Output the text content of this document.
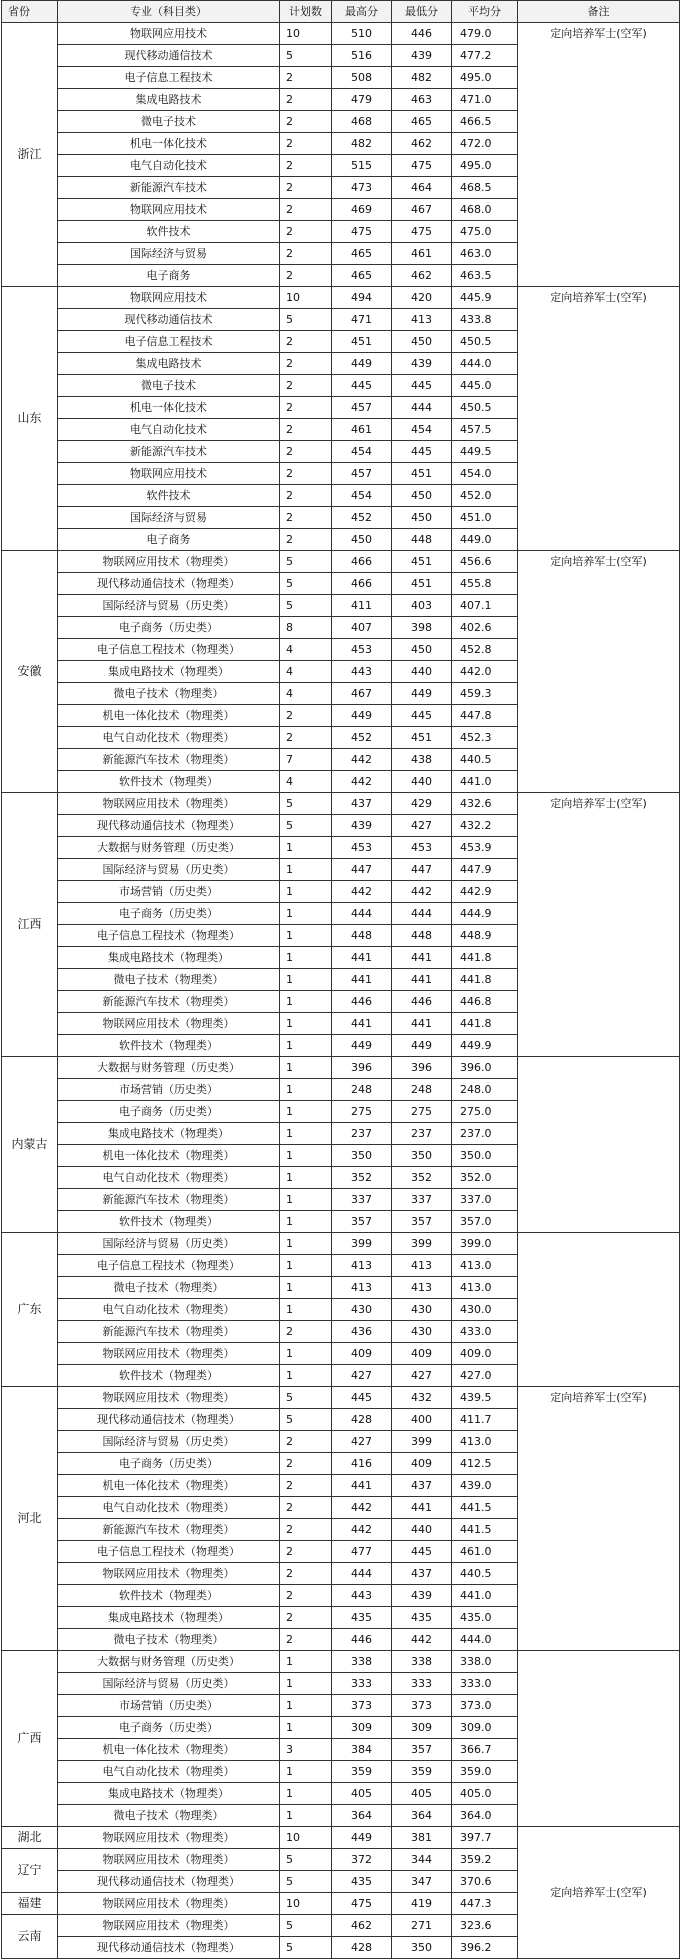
省份	专业（科目类）	计划数	最高分	最低分	平均分	备注
浙江	物联网应用技术	10	510	446	479.0	定向培养军士(空军)
	现代移动通信技术	5	516	439	477.2	
	电子信息工程技术	2	508	482	495.0	
	集成电路技术	2	479	463	471.0	
	微电子技术	2	468	465	466.5	
	机电一体化技术	2	482	462	472.0	
	电气自动化技术	2	515	475	495.0	
	新能源汽车技术	2	473	464	468.5	
	物联网应用技术	2	469	467	468.0	
	软件技术	2	475	475	475.0	
	国际经济与贸易	2	465	461	463.0	
	电子商务	2	465	462	463.5	
山东	物联网应用技术	10	494	420	445.9	定向培养军士(空军)
	现代移动通信技术	5	471	413	433.8	
	电子信息工程技术	2	451	450	450.5	
	集成电路技术	2	449	439	444.0	
	微电子技术	2	445	445	445.0	
	机电一体化技术	2	457	444	450.5	
	电气自动化技术	2	461	454	457.5	
	新能源汽车技术	2	454	445	449.5	
	物联网应用技术	2	457	451	454.0	
	软件技术	2	454	450	452.0	
	国际经济与贸易	2	452	450	451.0	
	电子商务	2	450	448	449.0	
安徽	物联网应用技术（物理类）	5	466	451	456.6	定向培养军士(空军)
	现代移动通信技术（物理类）	5	466	451	455.8	
	国际经济与贸易（历史类）	5	411	403	407.1	
	电子商务（历史类）	8	407	398	402.6	
	电子信息工程技术（物理类）	4	453	450	452.8	
	集成电路技术（物理类）	4	443	440	442.0	
	微电子技术（物理类）	4	467	449	459.3	
	机电一体化技术（物理类）	2	449	445	447.8	
	电气自动化技术（物理类）	2	452	451	452.3	
	新能源汽车技术（物理类）	7	442	438	440.5	
	软件技术（物理类）	4	442	440	441.0	
江西	物联网应用技术（物理类）	5	437	429	432.6	定向培养军士(空军)
	现代移动通信技术（物理类）	5	439	427	432.2	
	大数据与财务管理（历史类）	1	453	453	453.9	
	国际经济与贸易（历史类）	1	447	447	447.9	
	市场营销（历史类）	1	442	442	442.9	
	电子商务（历史类）	1	444	444	444.9	
	电子信息工程技术（物理类）	1	448	448	448.9	
	集成电路技术（物理类）	1	441	441	441.8	
	微电子技术（物理类）	1	441	441	441.8	
	新能源汽车技术（物理类）	1	446	446	446.8	
	物联网应用技术（物理类）	1	441	441	441.8	
	软件技术（物理类）	1	449	449	449.9	
内蒙古	大数据与财务管理（历史类）	1	396	396	396.0	
	市场营销（历史类）	1	248	248	248.0	
	电子商务（历史类）	1	275	275	275.0	
	集成电路技术（物理类）	1	237	237	237.0	
	机电一体化技术（物理类）	1	350	350	350.0	
	电气自动化技术（物理类）	1	352	352	352.0	
	新能源汽车技术（物理类）	1	337	337	337.0	
	软件技术（物理类）	1	357	357	357.0	
广东	国际经济与贸易（历史类）	1	399	399	399.0	
	电子信息工程技术（物理类）	1	413	413	413.0	
	微电子技术（物理类）	1	413	413	413.0	
	电气自动化技术（物理类）	1	430	430	430.0	
	新能源汽车技术（物理类）	2	436	430	433.0	
	物联网应用技术（物理类）	1	409	409	409.0	
	软件技术（物理类）	1	427	427	427.0	
河北	物联网应用技术（物理类）	5	445	432	439.5	定向培养军士(空军)
	现代移动通信技术（物理类）	5	428	400	411.7	
	国际经济与贸易（历史类）	2	427	399	413.0	
	电子商务（历史类）	2	416	409	412.5	
	机电一体化技术（物理类）	2	441	437	439.0	
	电气自动化技术（物理类）	2	442	441	441.5	
	新能源汽车技术（物理类）	2	442	440	441.5	
	电子信息工程技术（物理类）	2	477	445	461.0	
	物联网应用技术（物理类）	2	444	437	440.5	
	软件技术（物理类）	2	443	439	441.0	
	集成电路技术（物理类）	2	435	435	435.0	
	微电子技术（物理类）	2	446	442	444.0	
广西	大数据与财务管理（历史类）	1	338	338	338.0	
	国际经济与贸易（历史类）	1	333	333	333.0	
	市场营销（历史类）	1	373	373	373.0	
	电子商务（历史类）	1	309	309	309.0	
	机电一体化技术（物理类）	3	384	357	366.7	
	电气自动化技术（物理类）	1	359	359	359.0	
	集成电路技术（物理类）	1	405	405	405.0	
	微电子技术（物理类）	1	364	364	364.0	
湖北	物联网应用技术（物理类）	10	449	381	397.7	定向培养军士(空军)
辽宁	物联网应用技术（物理类）	5	372	344	359.2	
	现代移动通信技术（物理类）	5	435	347	370.6	
福建	物联网应用技术（物理类）	10	475	419	447.3	
云南	物联网应用技术（物理类）	5	462	271	323.6	
	现代移动通信技术（物理类）	5	428	350	396.2	
